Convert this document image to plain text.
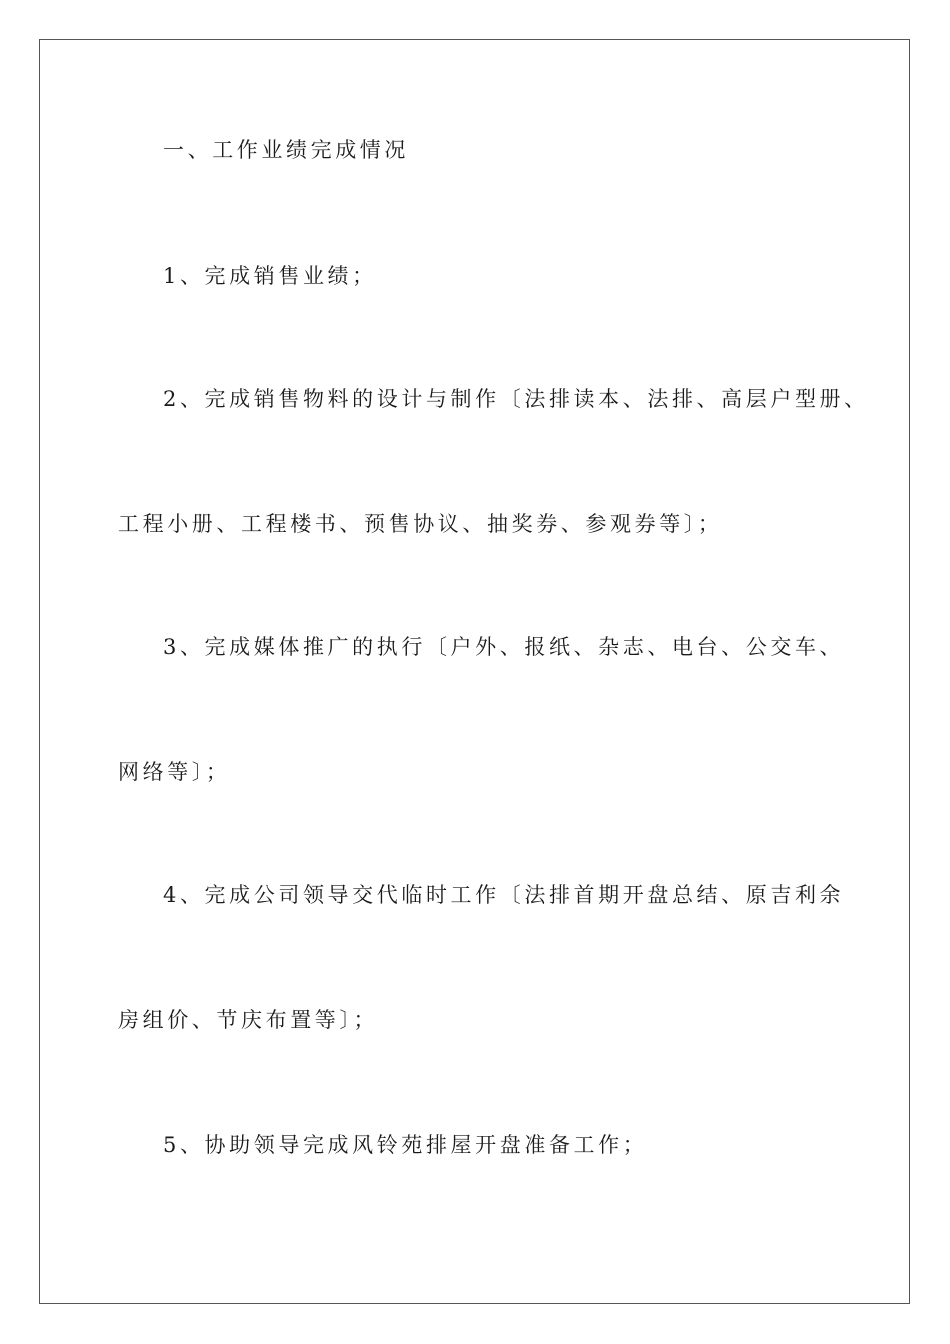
一、工作业绩完成情况
1、完成销售业绩；
2、完成销售物料的设计与制作〔法排读本、法排、高层户型册、
工程小册、工程楼书、预售协议、抽奖券、参观券等〕；
3、完成媒体推广的执行〔户外、报纸、杂志、电台、公交车、
网络等〕；
4、完成公司领导交代临时工作〔法排首期开盘总结、原吉利余
房组价、节庆布置等〕；
5、协助领导完成风铃苑排屋开盘准备工作；
